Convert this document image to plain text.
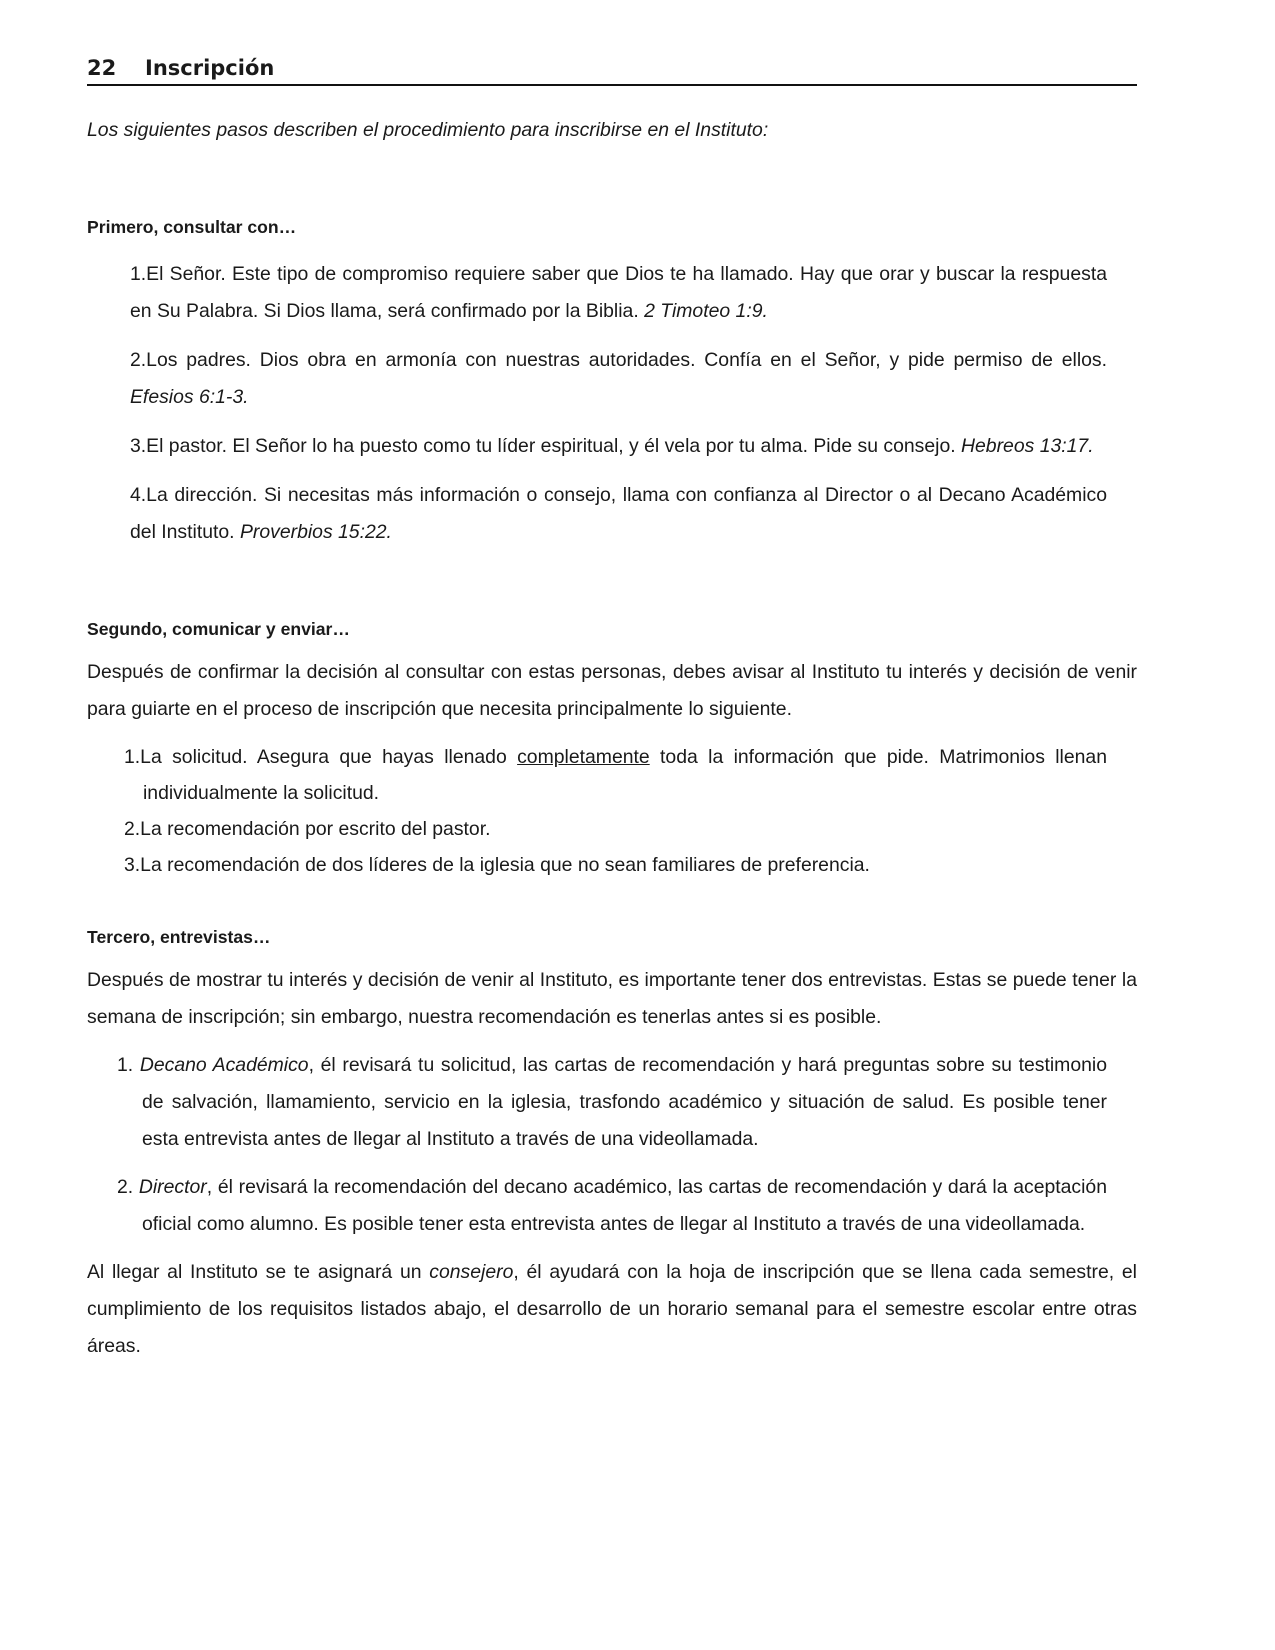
22	Inscripción

Los siguientes pasos describen el procedimiento para inscribirse en el Instituto:

Primero, consultar con…

1.El Señor. Este tipo de compromiso requiere saber que Dios te ha llamado. Hay que orar y buscar la respuesta en Su Palabra. Si Dios llama, será confirmado por la Biblia. 2 Timoteo 1:9.

2.Los padres. Dios obra en armonía con nuestras autoridades. Confía en el Señor, y pide permiso de ellos. Efesios 6:1-3.

3.El pastor. El Señor lo ha puesto como tu líder espiritual, y él vela por tu alma. Pide su consejo. Hebreos 13:17.

4.La dirección. Si necesitas más información o consejo, llama con confianza al Director o al Decano Académico del Instituto. Proverbios 15:22.

Segundo, comunicar y enviar…

Después de confirmar la decisión al consultar con estas personas, debes avisar al Instituto tu interés y decisión de venir para guiarte en el proceso de inscripción que necesita principalmente lo siguiente.

1.La solicitud. Asegura que hayas llenado completamente toda la información que pide. Matrimonios llenan individualmente la solicitud.

2.La recomendación por escrito del pastor.

3.La recomendación de dos líderes de la iglesia que no sean familiares de preferencia.

Tercero, entrevistas…

Después de mostrar tu interés y decisión de venir al Instituto, es importante tener dos entrevistas. Estas se puede tener la semana de inscripción; sin embargo, nuestra recomendación es tenerlas antes si es posible.

1. Decano Académico, él revisará tu solicitud, las cartas de recomendación y hará preguntas sobre su testimonio de salvación, llamamiento, servicio en la iglesia, trasfondo académico y situación de salud. Es posible tener esta entrevista antes de llegar al Instituto a través de una videollamada.

2. Director, él revisará la recomendación del decano académico, las cartas de recomendación y dará la aceptación oficial como alumno. Es posible tener esta entrevista antes de llegar al Instituto a través de una videollamada.

Al llegar al Instituto se te asignará un consejero, él ayudará con la hoja de inscripción que se llena cada semestre, el cumplimiento de los requisitos listados abajo, el desarrollo de un horario semanal para el semestre escolar entre otras áreas.
